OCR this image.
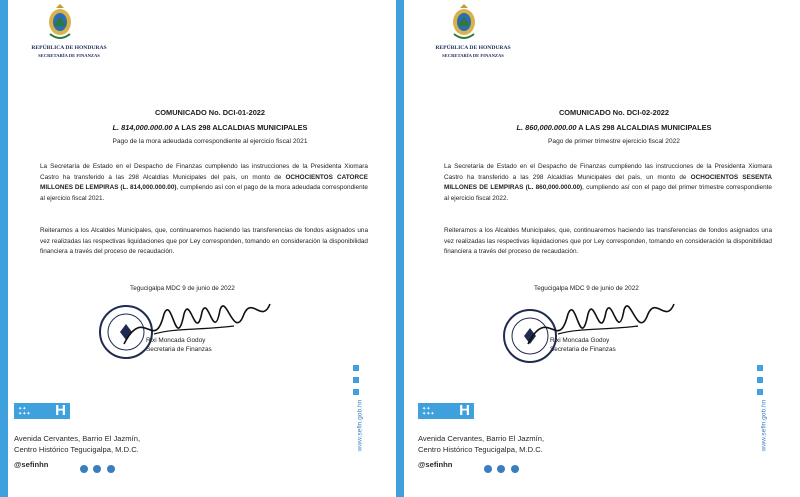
REPÚBLICA DE HONDURAS
SECRETARÍA DE FINANZAS
COMUNICADO No. DCI-01-2022
L. 814,000.000.00 A LAS 298 ALCALDIAS MUNICIPALES
Pago de la mora adeudada correspondiente al ejercicio fiscal 2021
La Secretaría de Estado en el Despacho de Finanzas cumpliendo las instrucciones de la Presidenta Xiomara Castro ha transferido a las 298 Alcaldías Municipales del país, un monto de OCHOCIENTOS CATORCE MILLONES DE LEMPIRAS (L. 814,000.000.00), cumpliendo así con el pago de la mora adeudada correspondiente al ejercicio fiscal 2021.
Reiteramos a los Alcaldes Municipales, que, continuaremos haciendo las transferencias de fondos asignados una vez realizadas las respectivas liquidaciones que por Ley corresponden, tomando en consideración la disponibilidad financiera a través del proceso de recaudación.
Tegucigalpa MDC 9 de junio de 2022
Rixi Moncada Godoy
Secretaria de Finanzas
www.sefin.gob.hn
✦✦
✦✦✦ H
Avenida Cervantes, Barrio El Jazmín,
Centro Histórico Tegucigalpa, M.D.C.
@sefinhn

REPÚBLICA DE HONDURAS
SECRETARÍA DE FINANZAS
COMUNICADO No. DCI-02-2022
L. 860,000.000.00 A LAS 298 ALCALDIAS MUNICIPALES
Pago de primer trimestre ejercicio fiscal 2022
La Secretaría de Estado en el Despacho de Finanzas cumpliendo las instrucciones de la Presidenta Xiomara Castro ha transferido a las 298 Alcaldías Municipales del país, un monto de OCHOCIENTOS SESENTA MILLONES DE LEMPIRAS (L. 860,000.000.00), cumpliendo así con el pago del primer trimestre correspondiente al ejercicio fiscal 2022.
Reiteramos a los Alcaldes Municipales, que, continuaremos haciendo las transferencias de fondos asignados una vez realizadas las respectivas liquidaciones que por Ley corresponden, tomando en consideración la disponibilidad financiera a través del proceso de recaudación.
Tegucigalpa MDC 9 de junio de 2022
Rixi Moncada Godoy
Secretaria de Finanzas
www.sefin.gob.hn
✦✦
✦✦✦ H
Avenida Cervantes, Barrio El Jazmín,
Centro Histórico Tegucigalpa, M.D.C.
@sefinhn
